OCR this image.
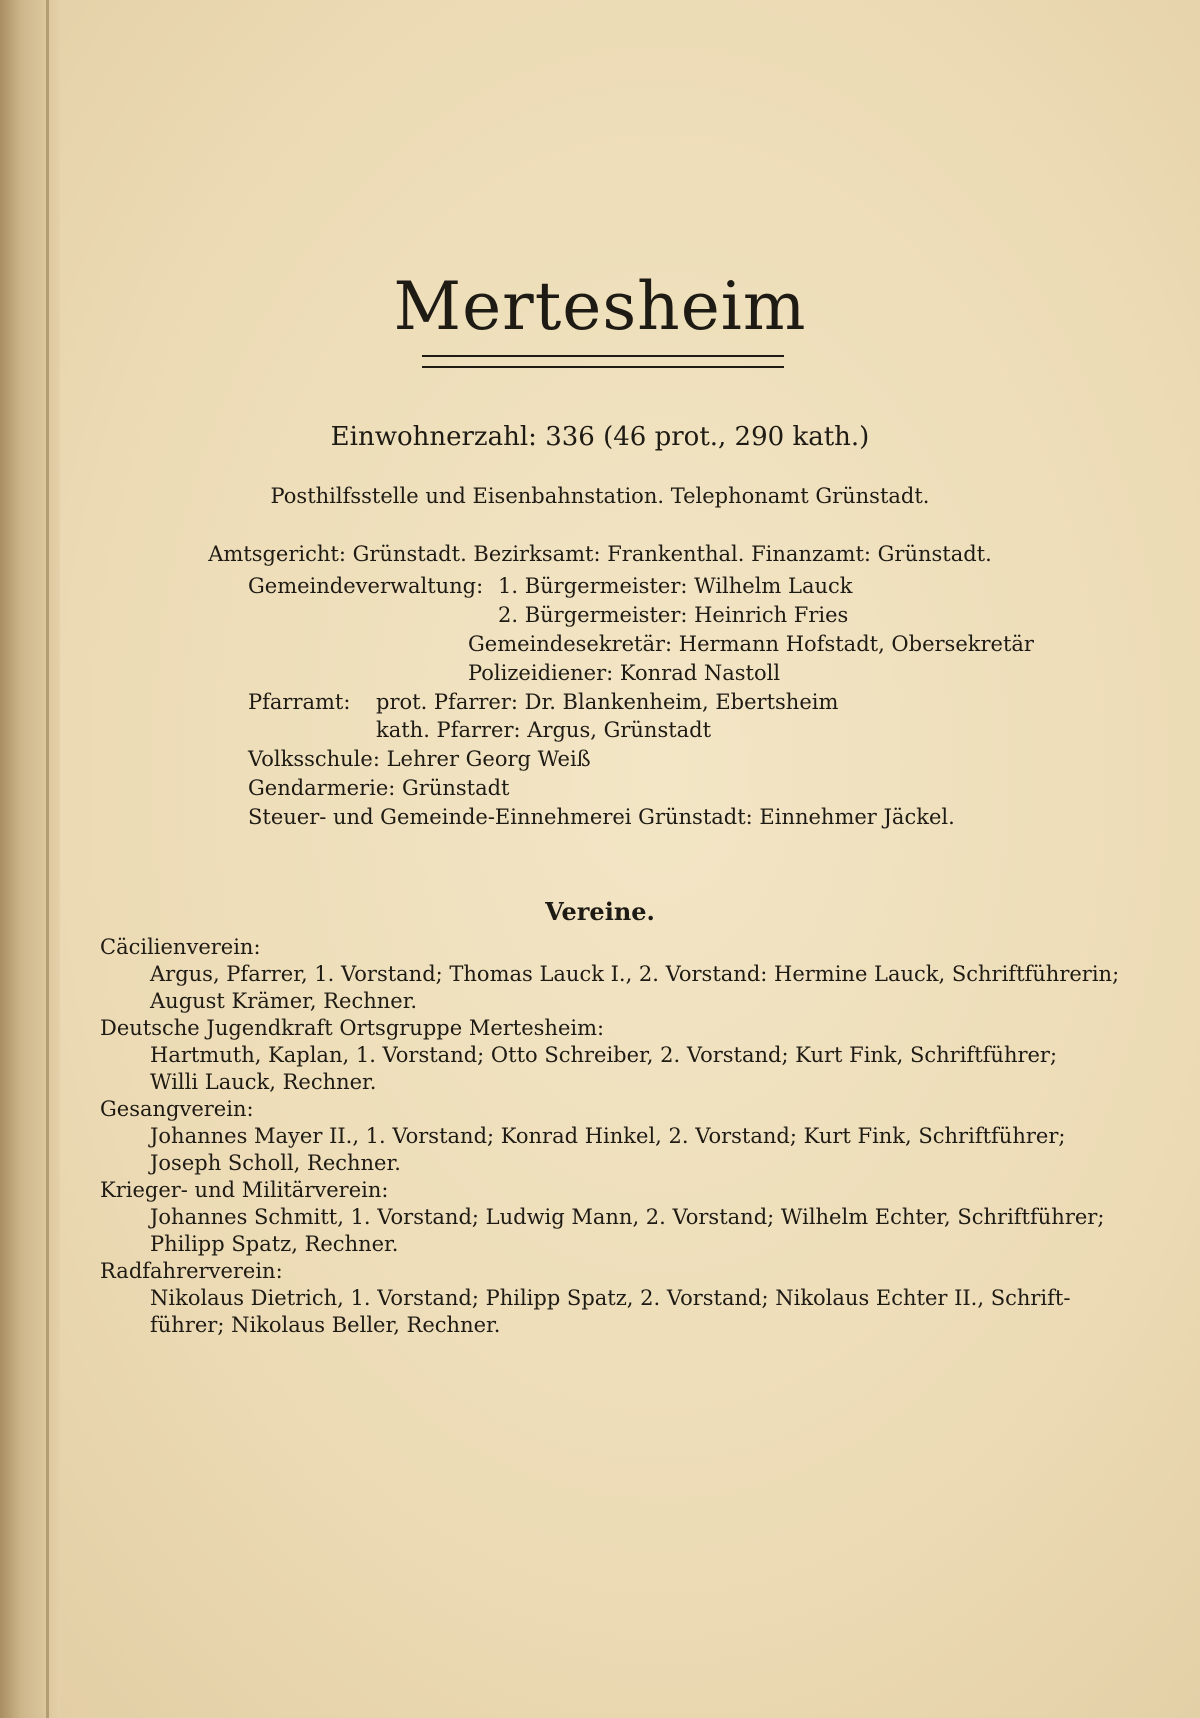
Mertesheim
Einwohnerzahl: 336 (46 prot., 290 kath.)
Posthilfsstelle und Eisenbahnstation. Telephonamt Grünstadt.
Amtsgericht: Grünstadt. Bezirksamt: Frankenthal. Finanzamt: Grünstadt.
Gemeindeverwaltung: 1. Bürgermeister: Wilhelm Lauck
2. Bürgermeister: Heinrich Fries
Gemeindesekretär: Hermann Hofstadt, Obersekretär
Polizeidiener: Konrad Nastoll
Pfarramt: prot. Pfarrer: Dr. Blankenheim, Ebertsheim
kath. Pfarrer: Argus, Grünstadt
Volksschule: Lehrer Georg Weiß
Gendarmerie: Grünstadt
Steuer- und Gemeinde-Einnehmerei Grünstadt: Einnehmer Jäckel.
Vereine.
Cäcilienverein:
Argus, Pfarrer, 1. Vorstand; Thomas Lauck I., 2. Vorstand: Hermine Lauck, Schriftführerin;
August Krämer, Rechner.
Deutsche Jugendkraft Ortsgruppe Mertesheim:
Hartmuth, Kaplan, 1. Vorstand; Otto Schreiber, 2. Vorstand; Kurt Fink, Schriftführer;
Willi Lauck, Rechner.
Gesangverein:
Johannes Mayer II., 1. Vorstand; Konrad Hinkel, 2. Vorstand; Kurt Fink, Schriftführer;
Joseph Scholl, Rechner.
Krieger- und Militärverein:
Johannes Schmitt, 1. Vorstand; Ludwig Mann, 2. Vorstand; Wilhelm Echter, Schriftführer;
Philipp Spatz, Rechner.
Radfahrerverein:
Nikolaus Dietrich, 1. Vorstand; Philipp Spatz, 2. Vorstand; Nikolaus Echter II., Schrift-
führer; Nikolaus Beller, Rechner.
